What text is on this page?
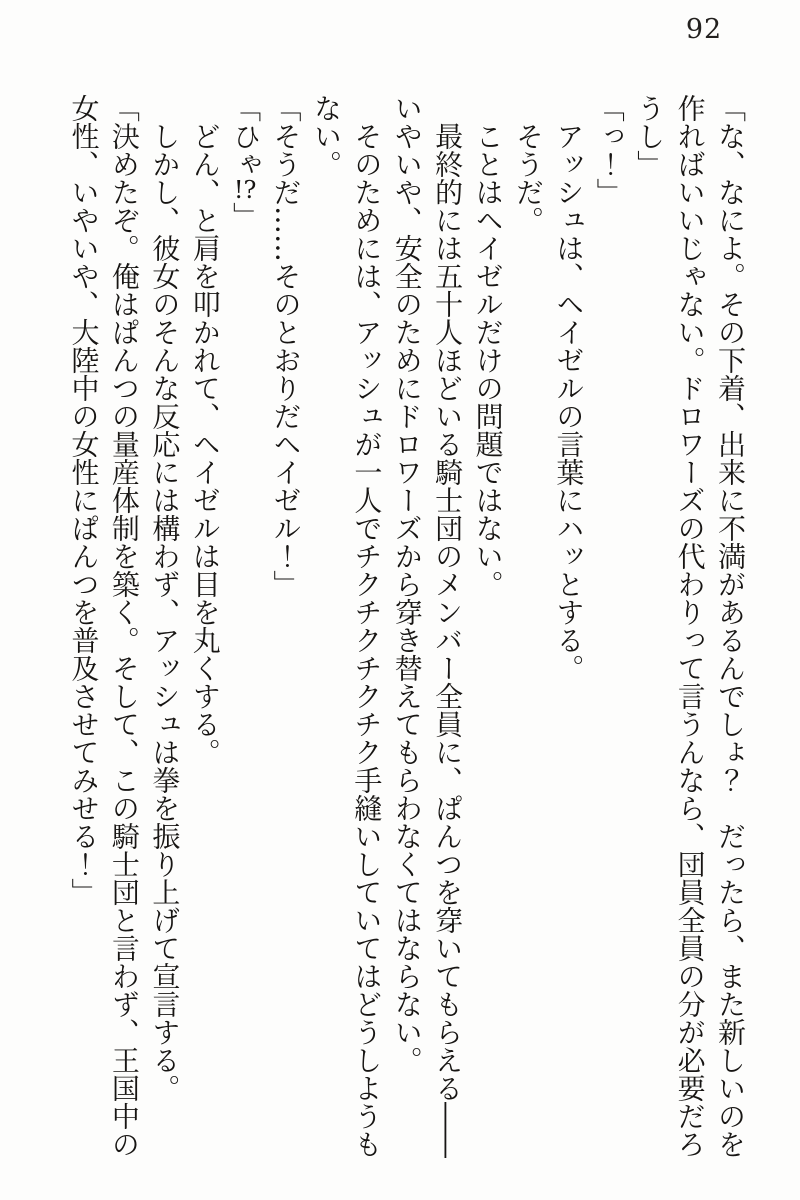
92

「な、なによ。その下着、出来に不満があるんでしょ？　だったら、また新しいのを

作ればいいじゃない。ドロワーズの代わりって言うんなら、団員全員の分が必要だろ

うし」

「っ！」

アッシュは、ヘイゼルの言葉にハッとする。

そうだ。

ことはヘイゼルだけの問題ではない。

最終的には五十人ほどいる騎士団のメンバー全員に、ぱんつを穿いてもらえる――

いやいや、安全のためにドロワーズから穿き替えてもらわなくてはならない。

そのためには、アッシュが一人でチクチクチクチク手縫いしていてはどうしようも

ない。

「そうだ……そのとおりだヘイゼル！」

「ひゃ!?」

どん、と肩を叩かれて、ヘイゼルは目を丸くする。

しかし、彼女のそんな反応には構わず、アッシュは拳を振り上げて宣言する。

「決めたぞ。俺はぱんつの量産体制を築く。そして、この騎士団と言わず、王国中の

女性、いやいや、大陸中の女性にぱんつを普及させてみせる！」
